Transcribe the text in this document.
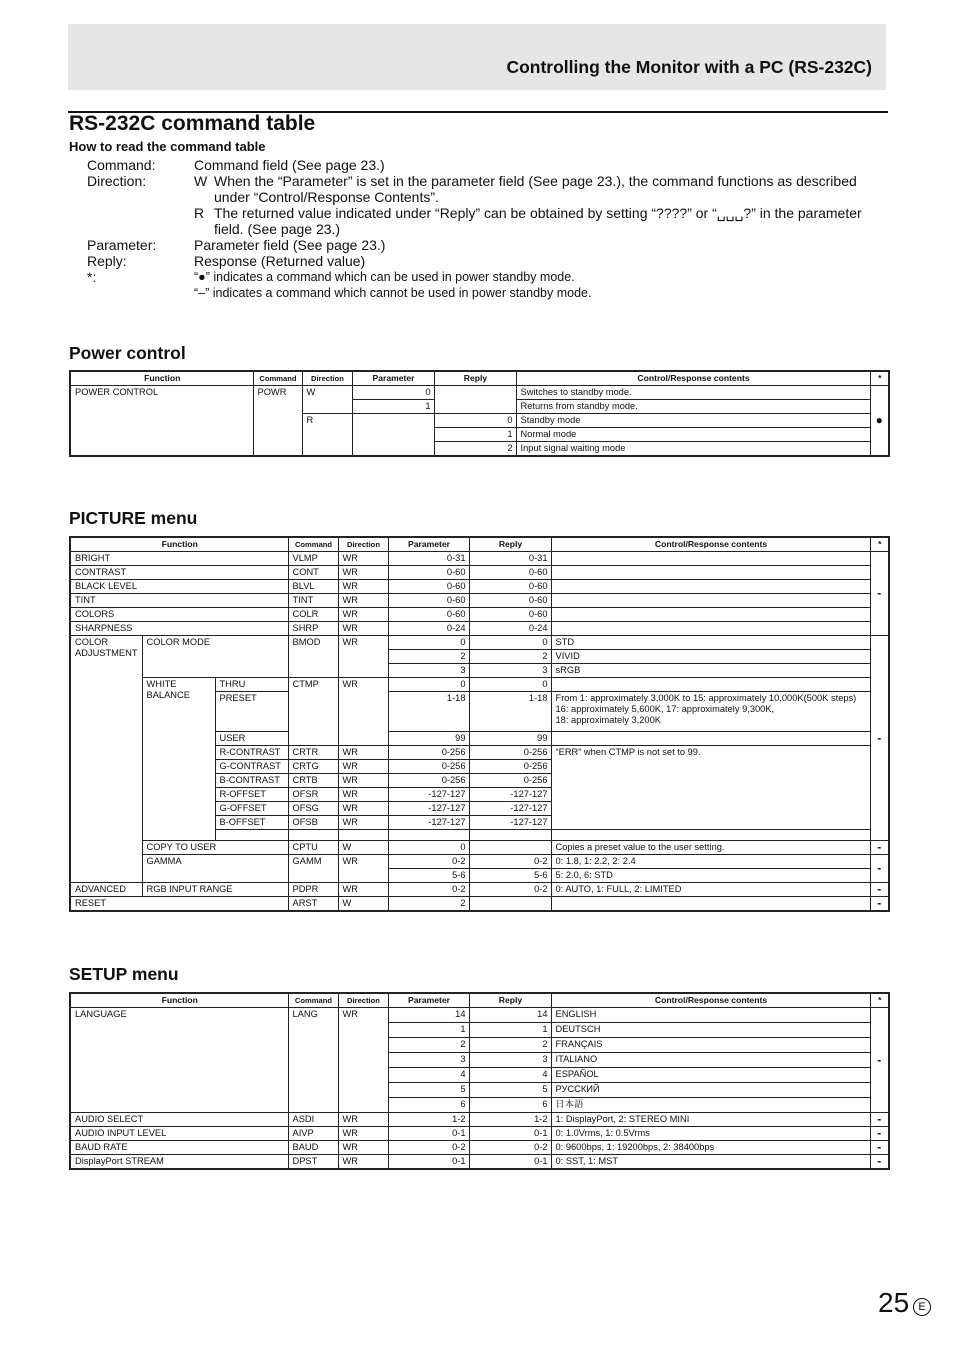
Controlling the Monitor with a PC (RS-232C)
RS-232C command table
How to read the command table
Command:	Command field (See page 23.)
Direction:	W When the “Parameter” is set in the parameter field (See page 23.), the command functions as described under “Control/Response Contents”.
R The returned value indicated under “Reply” can be obtained by setting “????” or “␣␣␣?” in the parameter field. (See page 23.)
Parameter:	Parameter field (See page 23.)
Reply:	Response (Returned value)
*:	“●” indicates a command which can be used in power standby mode.
“–” indicates a command which cannot be used in power standby mode.
Power control
Function	Command	Direction	Parameter	Reply	Control/Response contents	*
POWER CONTROL	POWR	W	0		Switches to standby mode.	●
			1		Returns from standby mode.	
		R		0	Standby mode	
				1	Normal mode	
				2	Input signal waiting mode	
PICTURE menu
Function			Command	Direction	Parameter	Reply	Control/Response contents	*
BRIGHT			VLMP	WR	0-31	0-31		-
CONTRAST			CONT	WR	0-60	0-60		
BLACK LEVEL			BLVL	WR	0-60	0-60		
TINT			TINT	WR	0-60	0-60		
COLORS			COLR	WR	0-60	0-60		
SHARPNESS			SHRP	WR	0-24	0-24		
COLOR ADJUSTMENT	COLOR MODE		BMOD	WR	0	0	STD	-
					2	2	VIVID	
					3	3	sRGB	
	WHITE BALANCE	THRU	CTMP	WR	0	0		
		PRESET			1-18	1-18	From 1: approximately 3,000K to 15: approximately 10,000K(500K steps)
16: approximately 5,600K, 17: approximately 9,300K,
18: approximately 3,200K	

		USER			99	99		
		R-CONTRAST	CRTR	WR	0-256	0-256	“ERR” when CTMP is not set to 99.	
		G-CONTRAST	CRTG	WR	0-256	0-256		
		B-CONTRAST	CRTB	WR	0-256	0-256		
		R-OFFSET	OFSR	WR	-127-127	-127-127		
		G-OFFSET	OFSG	WR	-127-127	-127-127		
		B-OFFSET	OFSB	WR	-127-127	-127-127		

	COPY TO USER		CPTU	W	0		Copies a preset value to the user setting.	-
	GAMMA		GAMM	WR	0-2	0-2	0: 1.8, 1: 2.2, 2: 2.4	-
					5-6	5-6	5: 2.0, 6: STD	
ADVANCED	RGB INPUT RANGE		PDPR	WR	0-2	0-2	0: AUTO, 1: FULL, 2: LIMITED	-
RESET			ARST	W	2			-
SETUP menu
Function	Command	Direction	Parameter	Reply	Control/Response contents	*
LANGUAGE	LANG	WR	14	14	ENGLISH	-
			1	1	DEUTSCH	
			2	2	FRANÇAIS	
			3	3	ITALIANO	
			4	4	ESPAÑOL	
			5	5	РУССКИЙ	
			6	6	日本語	
AUDIO SELECT	ASDI	WR	1-2	1-2	1: DisplayPort, 2: STEREO MINI	-
AUDIO INPUT LEVEL	AIVP	WR	0-1	0-1	0: 1.0Vrms, 1: 0.5Vrms	-
BAUD RATE	BAUD	WR	0-2	0-2	0: 9600bps, 1: 19200bps, 2: 38400bps	-
DisplayPort STREAM	DPST	WR	0-1	0-1	0: SST, 1: MST	-
25 E
